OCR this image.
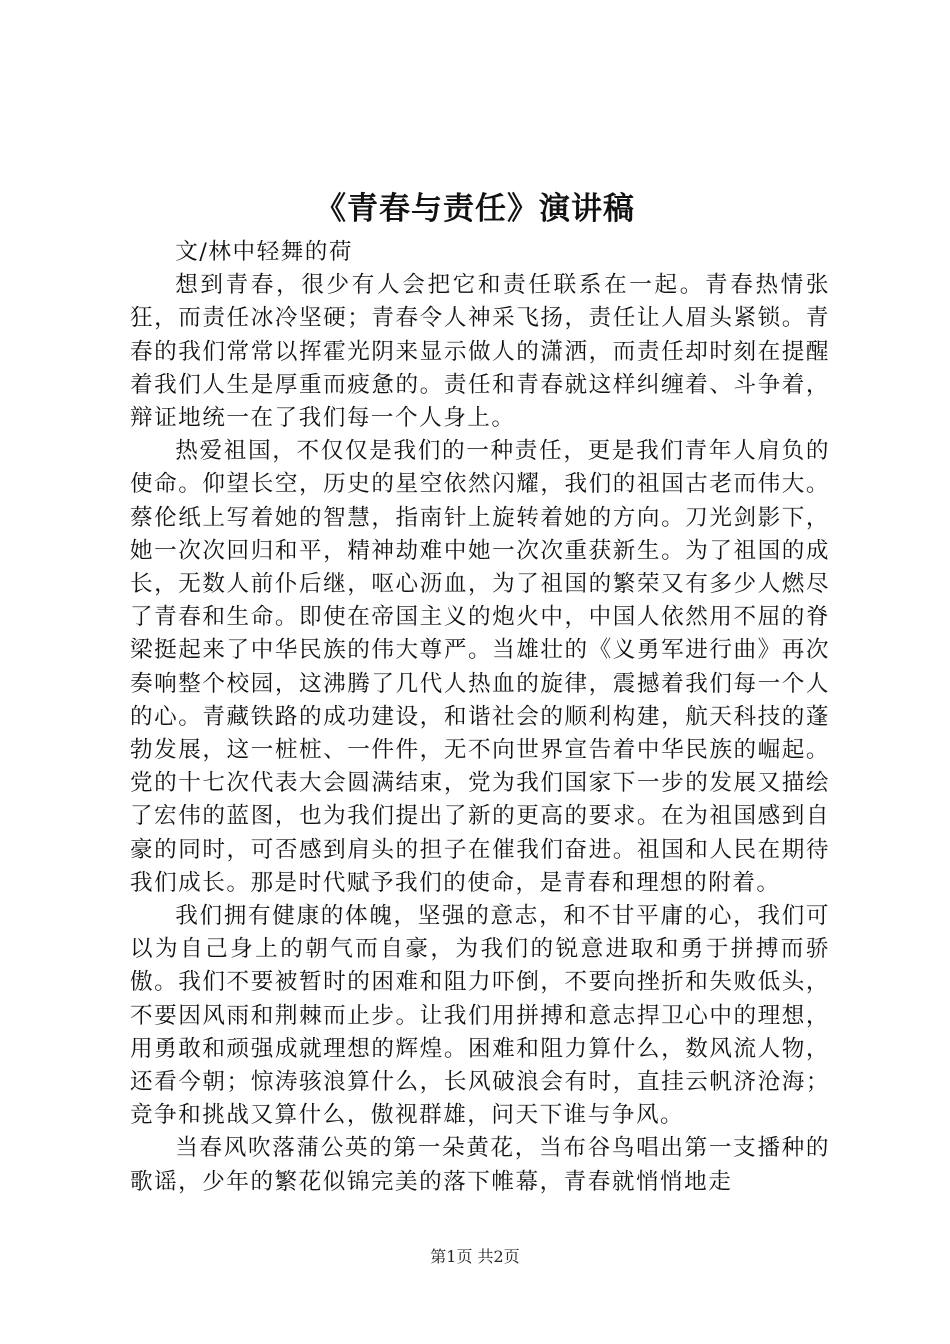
《青春与责任》演讲稿

文/林中轻舞的荷

想到青春，很少有人会把它和责任联系在一起。青春热情张狂，而责任冰冷坚硬；青春令人神采飞扬，责任让人眉头紧锁。青春的我们常常以挥霍光阴来显示做人的潇洒，而责任却时刻在提醒着我们人生是厚重而疲惫的。责任和青春就这样纠缠着、斗争着，辩证地统一在了我们每一个人身上。

热爱祖国，不仅仅是我们的一种责任，更是我们青年人肩负的使命。仰望长空，历史的星空依然闪耀，我们的祖国古老而伟大。蔡伦纸上写着她的智慧，指南针上旋转着她的方向。刀光剑影下，她一次次回归和平，精神劫难中她一次次重获新生。为了祖国的成长，无数人前仆后继，呕心沥血，为了祖国的繁荣又有多少人燃尽了青春和生命。即使在帝国主义的炮火中，中国人依然用不屈的脊梁挺起来了中华民族的伟大尊严。当雄壮的《义勇军进行曲》再次奏响整个校园，这沸腾了几代人热血的旋律，震撼着我们每一个人的心。青藏铁路的成功建设，和谐社会的顺利构建，航天科技的蓬勃发展，这一桩桩、一件件，无不向世界宣告着中华民族的崛起。党的十七次代表大会圆满结束，党为我们国家下一步的发展又描绘了宏伟的蓝图，也为我们提出了新的更高的要求。在为祖国感到自豪的同时，可否感到肩头的担子在催我们奋进。祖国和人民在期待我们成长。那是时代赋予我们的使命，是青春和理想的附着。

我们拥有健康的体魄，坚强的意志，和不甘平庸的心，我们可以为自己身上的朝气而自豪，为我们的锐意进取和勇于拼搏而骄傲。我们不要被暂时的困难和阻力吓倒，不要向挫折和失败低头，不要因风雨和荆棘而止步。让我们用拼搏和意志捍卫心中的理想，用勇敢和顽强成就理想的辉煌。困难和阻力算什么，数风流人物，还看今朝；惊涛骇浪算什么，长风破浪会有时，直挂云帆济沧海；竞争和挑战又算什么，傲视群雄，问天下谁与争风。

当春风吹落蒲公英的第一朵黄花，当布谷鸟唱出第一支播种的歌谣，少年的繁花似锦完美的落下帷幕，青春就悄悄地走

第1页 共2页
